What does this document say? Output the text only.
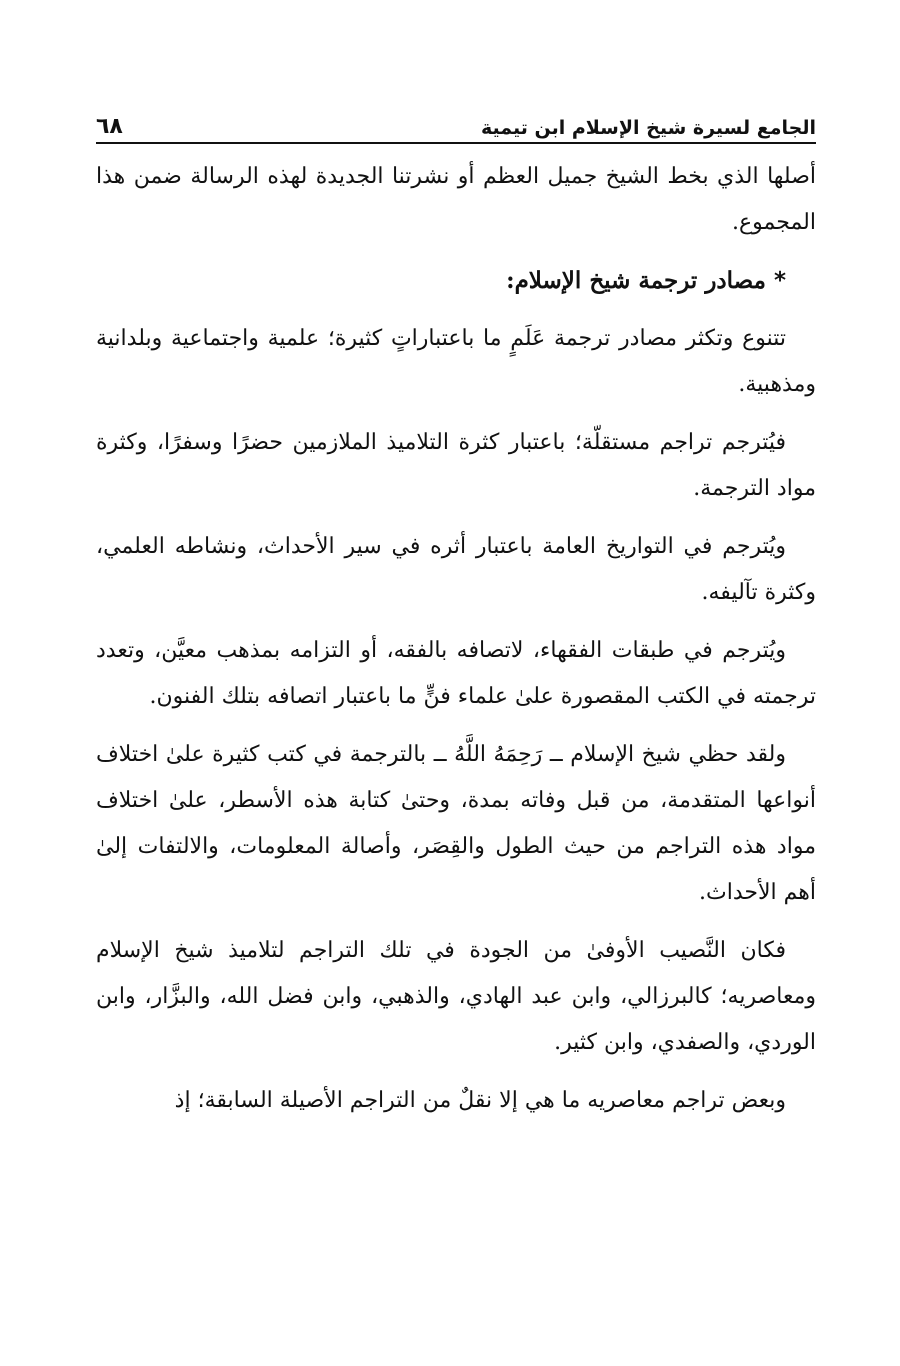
الجامع لسيرة شيخ الإسلام ابن تيمية
٦٨

أصلها الذي بخط الشيخ جميل العظم أو نشرتنا الجديدة لهذه الرسالة ضمن هذا المجموع.

* مصادر ترجمة شيخ الإسلام:

تتنوع وتكثر مصادر ترجمة عَلَمٍ ما باعتباراتٍ كثيرة؛ علمية واجتماعية وبلدانية ومذهبية.

فيُترجم تراجم مستقلّة؛ باعتبار كثرة التلاميذ الملازمين حضرًا وسفرًا، وكثرة مواد الترجمة.

ويُترجم في التواريخ العامة باعتبار أثره في سير الأحداث، ونشاطه العلمي، وكثرة تآليفه.

ويُترجم في طبقات الفقهاء، لاتصافه بالفقه، أو التزامه بمذهب معيَّن، وتعدد ترجمته في الكتب المقصورة علىٰ علماء فنٍّ ما باعتبار اتصافه بتلك الفنون.

ولقد حظي شيخ الإسلام ــ رَحِمَهُ اللَّهُ ــ بالترجمة في كتب كثيرة علىٰ اختلاف أنواعها المتقدمة، من قبل وفاته بمدة، وحتىٰ كتابة هذه الأسطر، علىٰ اختلاف مواد هذه التراجم من حيث الطول والقِصَر، وأصالة المعلومات، والالتفات إلىٰ أهم الأحداث.

فكان النَّصيب الأوفىٰ من الجودة في تلك التراجم لتلاميذ شيخ الإسلام ومعاصريه؛ كالبرزالي، وابن عبد الهادي، والذهبي، وابن فضل الله، والبزَّار، وابن الوردي، والصفدي، وابن كثير.

وبعض تراجم معاصريه ما هي إلا نقلٌ من التراجم الأصيلة السابقة؛ إذ
